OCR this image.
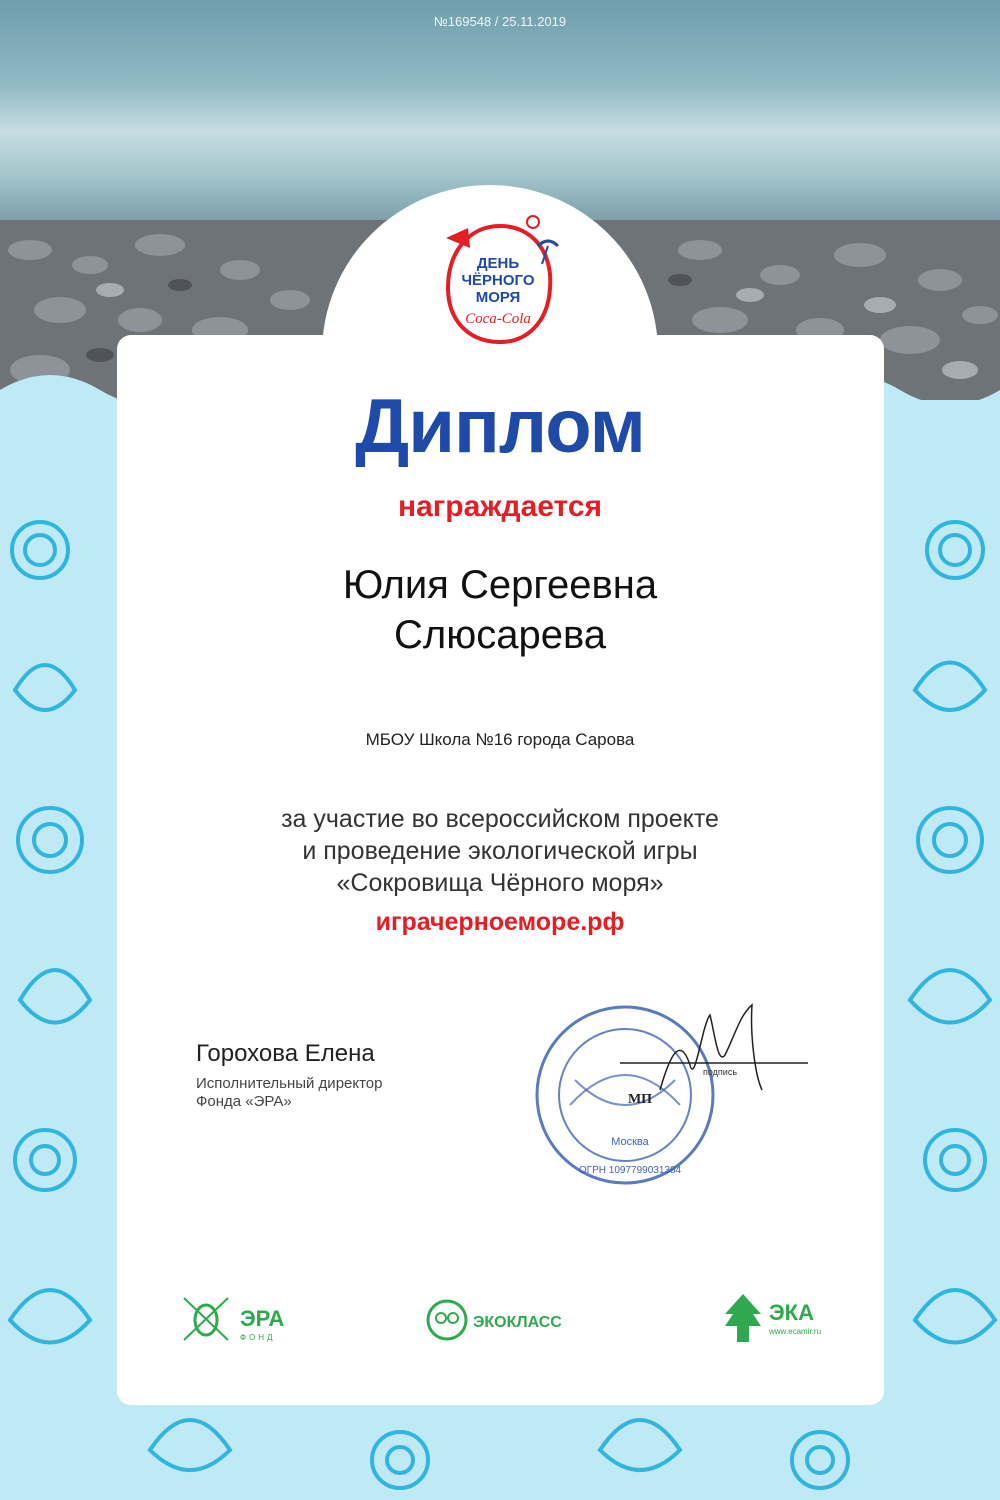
№169548 / 25.11.2019
ДЕНЬ
ЧЁРНОГО
МОРЯ
Coca-Cola
Диплом
награждается
Юлия Сергеевна
Слюсарева
МБОУ Школа №16 города Сарова
за участие во всероссийском проекте
и проведение экологической игры
«Сокровища Чёрного моря»
играчерноеморе.рф
Горохова Елена
Исполнительный директор
Фонда «ЭРА»	МП
Москва
ОГРН 1097799031384
подпись
ЭРА
ФОНД
ЭКОКЛАСС	ЭКА
www.ecamir.ru
